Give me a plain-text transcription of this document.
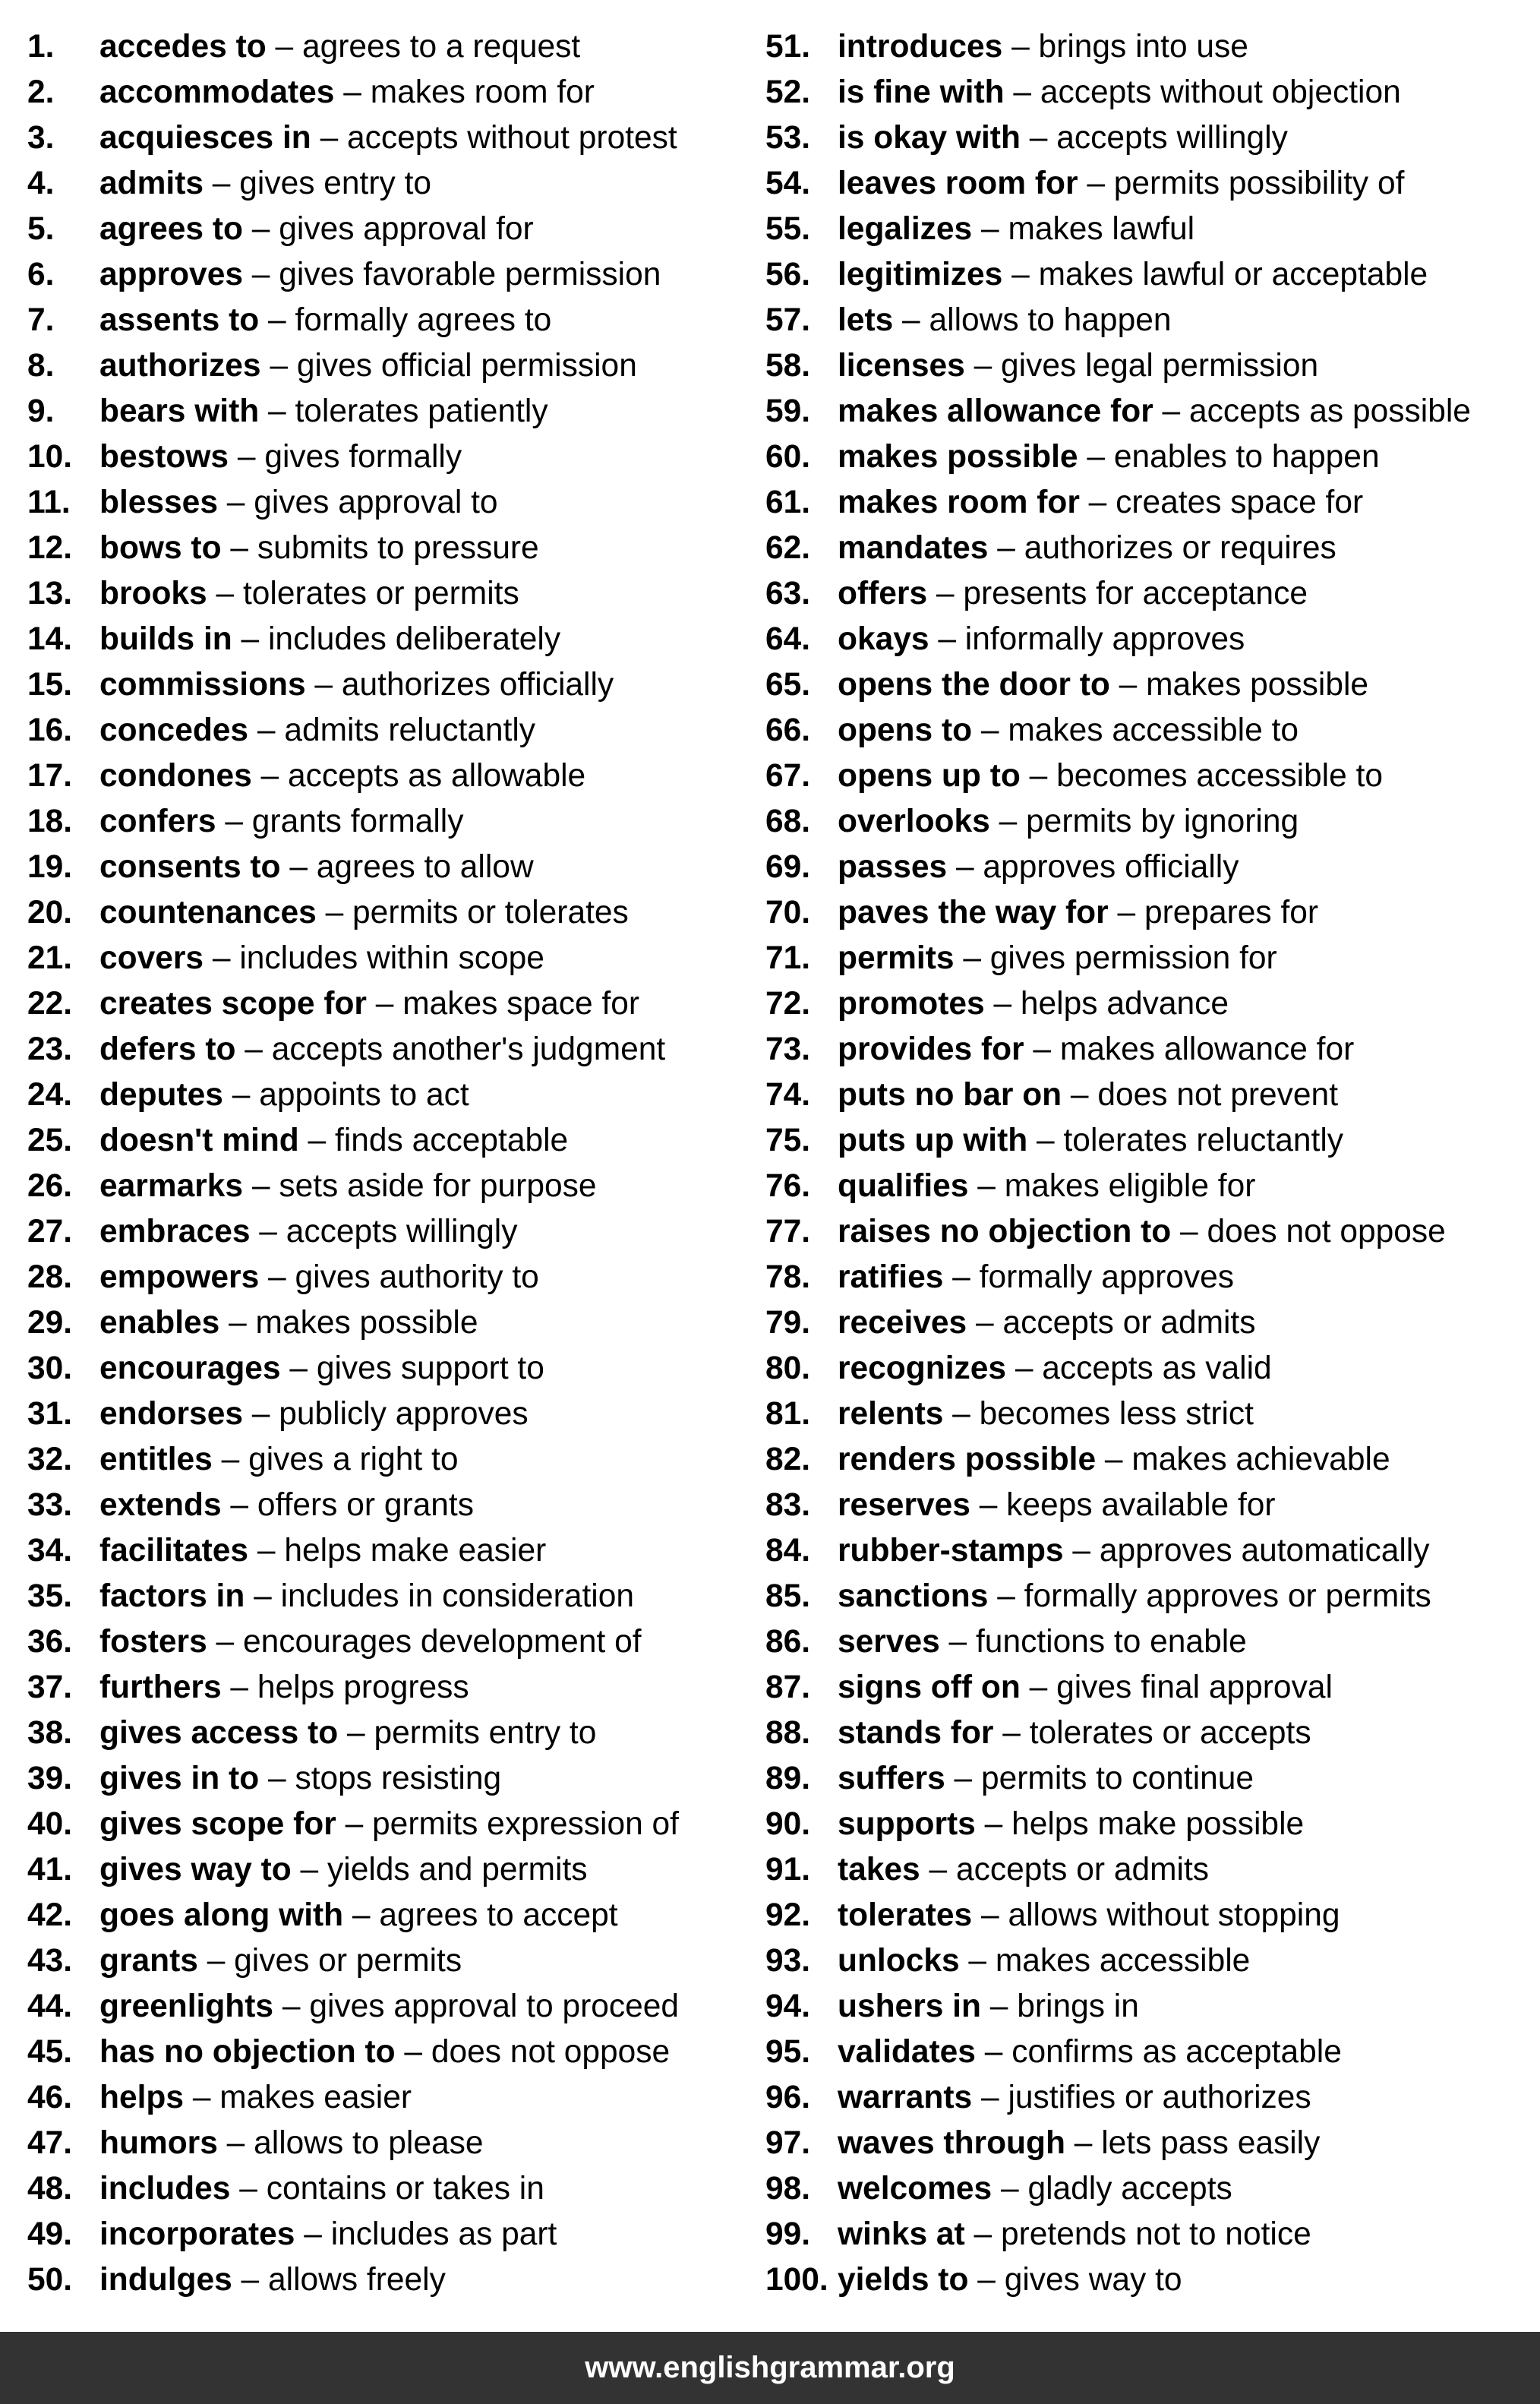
1. accedes to – agrees to a request
2. accommodates – makes room for
3. acquiesces in – accepts without protest
4. admits – gives entry to
5. agrees to – gives approval for
6. approves – gives favorable permission
7. assents to – formally agrees to
8. authorizes – gives official permission
9. bears with – tolerates patiently
10. bestows – gives formally
11. blesses – gives approval to
12. bows to – submits to pressure
13. brooks – tolerates or permits
14. builds in – includes deliberately
15. commissions – authorizes officially
16. concedes – admits reluctantly
17. condones – accepts as allowable
18. confers – grants formally
19. consents to – agrees to allow
20. countenances – permits or tolerates
21. covers – includes within scope
22. creates scope for – makes space for
23. defers to – accepts another's judgment
24. deputes – appoints to act
25. doesn't mind – finds acceptable
26. earmarks – sets aside for purpose
27. embraces – accepts willingly
28. empowers – gives authority to
29. enables – makes possible
30. encourages – gives support to
31. endorses – publicly approves
32. entitles – gives a right to
33. extends – offers or grants
34. facilitates – helps make easier
35. factors in – includes in consideration
36. fosters – encourages development of
37. furthers – helps progress
38. gives access to – permits entry to
39. gives in to – stops resisting
40. gives scope for – permits expression of
41. gives way to – yields and permits
42. goes along with – agrees to accept
43. grants – gives or permits
44. greenlights – gives approval to proceed
45. has no objection to – does not oppose
46. helps – makes easier
47. humors – allows to please
48. includes – contains or takes in
49. incorporates – includes as part
50. indulges – allows freely
51. introduces – brings into use
52. is fine with – accepts without objection
53. is okay with – accepts willingly
54. leaves room for – permits possibility of
55. legalizes – makes lawful
56. legitimizes – makes lawful or acceptable
57. lets – allows to happen
58. licenses – gives legal permission
59. makes allowance for – accepts as possible
60. makes possible – enables to happen
61. makes room for – creates space for
62. mandates – authorizes or requires
63. offers – presents for acceptance
64. okays – informally approves
65. opens the door to – makes possible
66. opens to – makes accessible to
67. opens up to – becomes accessible to
68. overlooks – permits by ignoring
69. passes – approves officially
70. paves the way for – prepares for
71. permits – gives permission for
72. promotes – helps advance
73. provides for – makes allowance for
74. puts no bar on – does not prevent
75. puts up with – tolerates reluctantly
76. qualifies – makes eligible for
77. raises no objection to – does not oppose
78. ratifies – formally approves
79. receives – accepts or admits
80. recognizes – accepts as valid
81. relents – becomes less strict
82. renders possible – makes achievable
83. reserves – keeps available for
84. rubber-stamps – approves automatically
85. sanctions – formally approves or permits
86. serves – functions to enable
87. signs off on – gives final approval
88. stands for – tolerates or accepts
89. suffers – permits to continue
90. supports – helps make possible
91. takes – accepts or admits
92. tolerates – allows without stopping
93. unlocks – makes accessible
94. ushers in – brings in
95. validates – confirms as acceptable
96. warrants – justifies or authorizes
97. waves through – lets pass easily
98. welcomes – gladly accepts
99. winks at – pretends not to notice
100. yields to – gives way to
www.englishgrammar.org
